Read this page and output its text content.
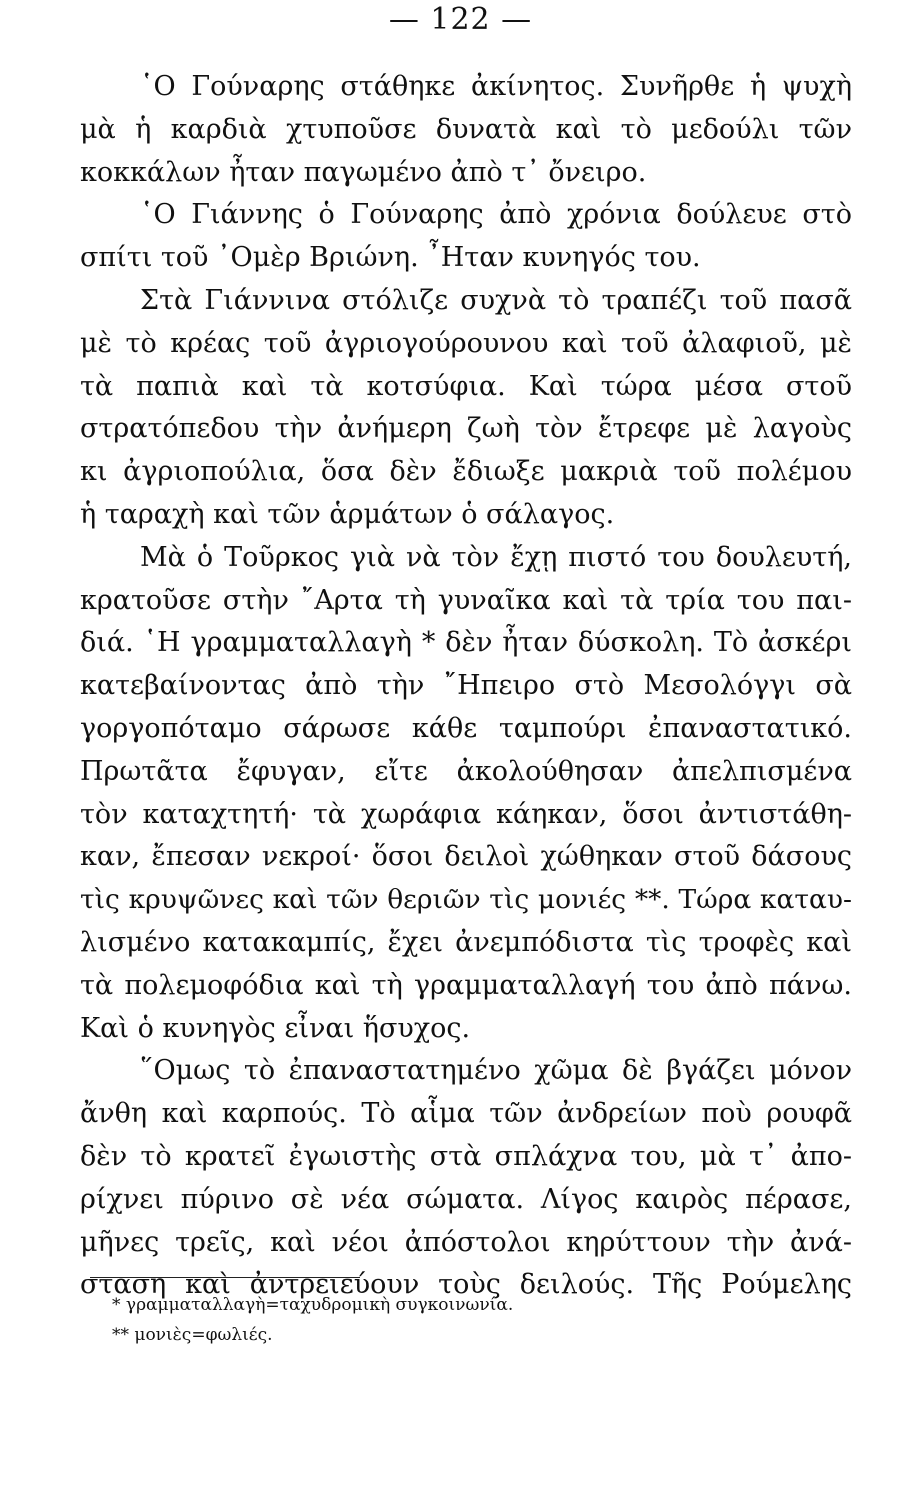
— 122 —
῾Ο Γούναρης στάθηκε ἀκίνητος. Συνῆρθε ἡ ψυχὴ
μὰ ἡ καρδιὰ χτυποῦσε δυνατὰ καὶ τὸ μεδούλι τῶν
κοκκάλων ἦταν παγωμένο ἀπὸ τ᾿ ὄνειρο.
῾Ο Γιάννης ὁ Γούναρης ἀπὸ χρόνια δούλευε στὸ
σπίτι τοῦ ᾿Ομὲρ Βριώνη. ῏Ηταν κυνηγός του.
Στὰ Γιάννινα στόλιζε συχνὰ τὸ τραπέζι τοῦ πασᾶ
μὲ τὸ κρέας τοῦ ἀγριογούρουνου καὶ τοῦ ἀλαφιοῦ, μὲ
τὰ παπιὰ καὶ τὰ κοτσύφια. Καὶ τώρα μέσα στοῦ
στρατόπεδου τὴν ἀνήμερη ζωὴ τὸν ἔτρεφε μὲ λαγοὺς
κι ἀγριοπούλια, ὅσα δὲν ἔδιωξε μακριὰ τοῦ πολέμου
ἡ ταραχὴ καὶ τῶν ἁρμάτων ὁ σάλαγος.
Μὰ ὁ Τοῦρκος γιὰ νὰ τὸν ἔχῃ πιστό του δουλευτή,
κρατοῦσε στὴν ῎Αρτα τὴ γυναῖκα καὶ τὰ τρία του παι-
διά. ῾Η γραμματαλλαγὴ * δὲν ἦταν δύσκολη. Τὸ ἀσκέρι
κατεβαίνοντας ἀπὸ τὴν ῎Ηπειρο στὸ Μεσολόγγι σὰ
γοργοπόταμο σάρωσε κάθε ταμπούρι ἐπαναστατικό.
Πρωτᾶτα ἔφυγαν, εἴτε ἀκολούθησαν ἀπελπισμένα
τὸν καταχτητή· τὰ χωράφια κάηκαν, ὅσοι ἀντιστάθη-
καν, ἔπεσαν νεκροί· ὅσοι δειλοὶ χώθηκαν στοῦ δάσους
τὶς κρυψῶνες καὶ τῶν θεριῶν τὶς μονιές **. Τώρα καταυ-
λισμένο κατακαμπίς, ἔχει ἀνεμπόδιστα τὶς τροφὲς καὶ
τὰ πολεμοφόδια καὶ τὴ γραμματαλλαγή του ἀπὸ πάνω.
Καὶ ὁ κυνηγὸς εἶναι ἥσυχος.
῞Ομως τὸ ἐπαναστατημένο χῶμα δὲ βγάζει μόνον
ἄνθη καὶ καρπούς. Τὸ αἷμα τῶν ἀνδρείων ποὺ ρουφᾶ
δὲν τὸ κρατεῖ ἐγωιστὴς στὰ σπλάχνα του, μὰ τ᾿ ἀπο-
ρίχνει πύρινο σὲ νέα σώματα. Λίγος καιρὸς πέρασε,
μῆνες τρεῖς, καὶ νέοι ἀπόστολοι κηρύττουν τὴν ἀνά-
σταση καὶ ἀντρειεύουν τοὺς δειλούς. Τῆς Ρούμελης
* γραμματαλλαγὴ=ταχυδρομικὴ συγκοινωνία.
** μονιὲς=φωλιές.
